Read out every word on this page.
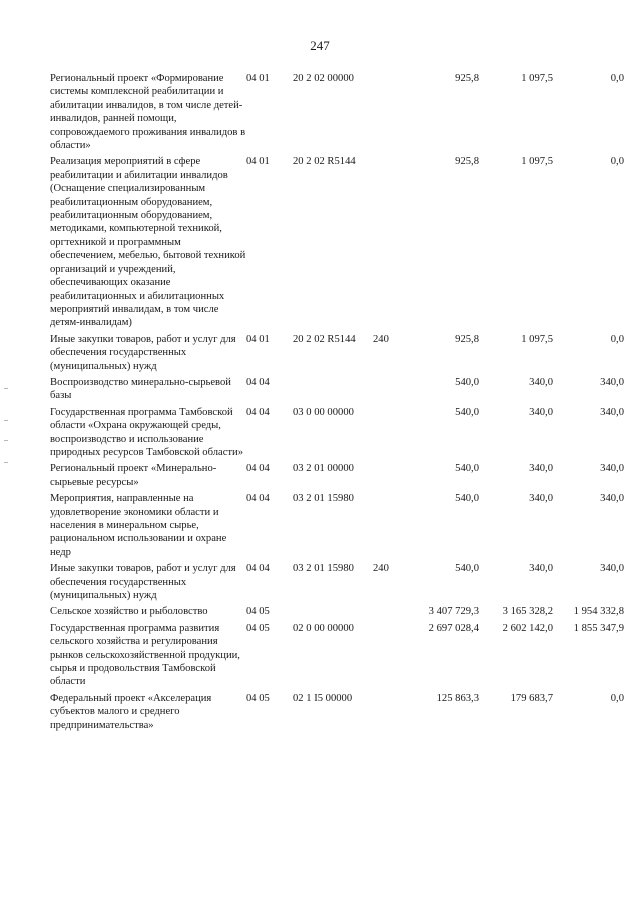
247
Региональный проект «Формирование системы комплексной реабилитации и абилитации инвалидов, в том числе детей-инвалидов, ранней помощи, сопровождаемого проживания инвалидов в области»	04 01	20 2 02 00000		925,8	1 097,5	0,0
Реализация мероприятий в сфере реабилитации и абилитации инвалидов (Оснащение специализированным реабилитационным оборудованием, реабилитационным оборудованием, методиками, компьютерной техникой, оргтехникой и программным обеспечением, мебелью, бытовой техникой организаций и учреждений, обеспечивающих оказание реабилитационных и абилитационных мероприятий инвалидам, в том числе детям-инвалидам)	04 01	20 2 02 R5144		925,8	1 097,5	0,0
Иные закупки товаров, работ и услуг для обеспечения государственных (муниципальных) нужд	04 01	20 2 02 R5144	240	925,8	1 097,5	0,0
Воспроизводство минерально-сырьевой базы	04 04			540,0	340,0	340,0
Государственная программа Тамбовской области «Охрана окружающей среды, воспроизводство и использование природных ресурсов Тамбовской области»	04 04	03 0 00 00000		540,0	340,0	340,0
Региональный проект «Минерально-сырьевые ресурсы»	04 04	03 2 01 00000		540,0	340,0	340,0
Мероприятия, направленные на удовлетворение экономики области и населения в минеральном сырье, рациональном использовании и охране недр	04 04	03 2 01 15980		540,0	340,0	340,0
Иные закупки товаров, работ и услуг для обеспечения государственных (муниципальных) нужд	04 04	03 2 01 15980	240	540,0	340,0	340,0
Сельское хозяйство и рыболовство	04 05			3 407 729,3	3 165 328,2	1 954 332,8
Государственная программа развития сельского хозяйства и регулирования рынков сельскохозяйственной продукции, сырья и продовольствия Тамбовской области	04 05	02 0 00 00000		2 697 028,4	2 602 142,0	1 855 347,9
Федеральный проект «Акселерация субъектов малого и среднего предпринимательства»	04 05	02 1 I5 00000		125 863,3	179 683,7	0,0
